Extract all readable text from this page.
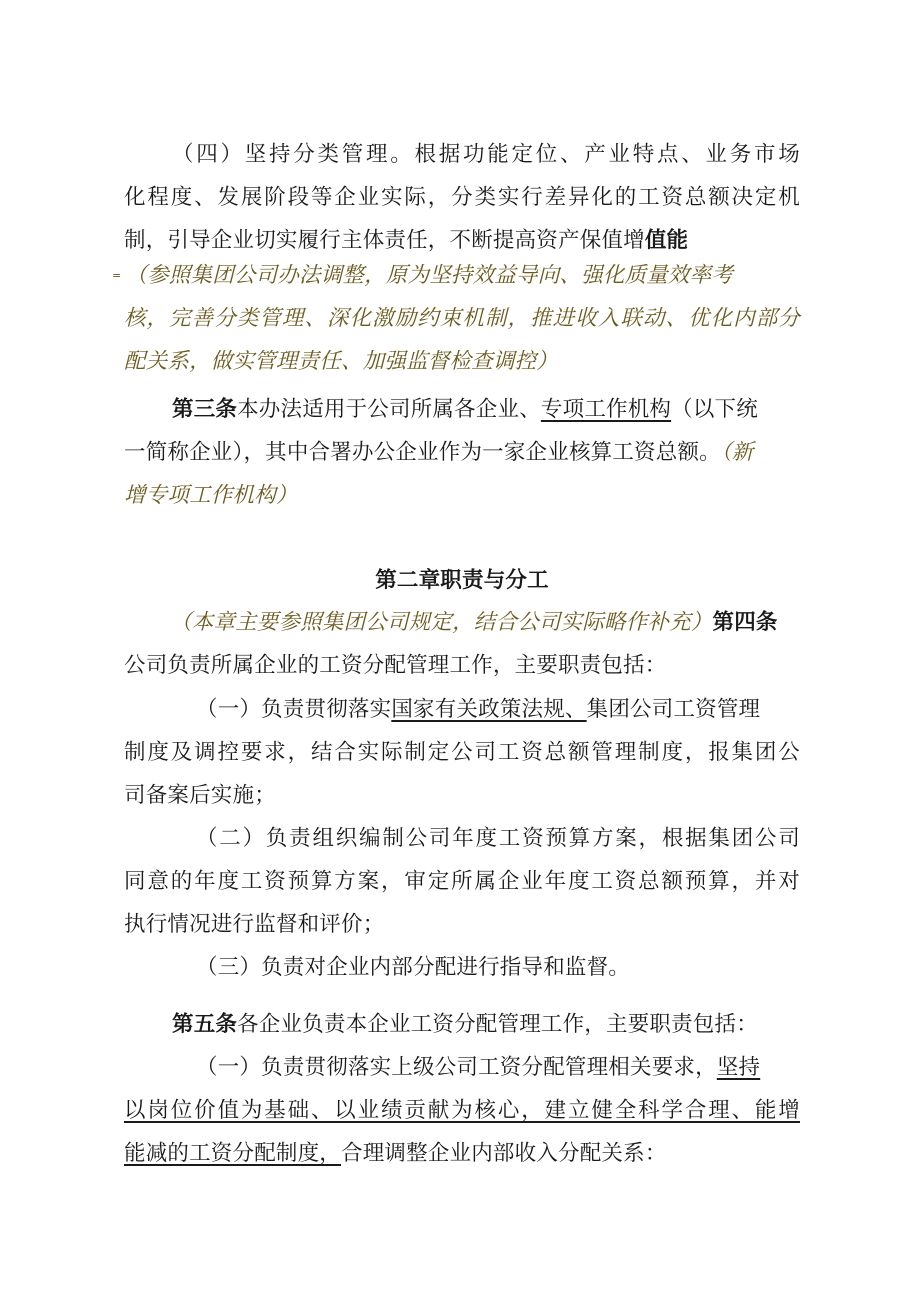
（四）坚持分类管理。根据功能定位、产业特点、业务市场
化程度、发展阶段等企业实际，分类实行差异化的工资总额决定机
制，引导企业切实履行主体责任，不断提高资产保值增值能
= （参照集团公司办法调整，原为坚持效益导向、强化质量效率考
核，完善分类管理、深化激励约束机制，推进收入联动、优化内部分
配关系，做实管理责任、加强监督检查调控）
第三条本办法适用于公司所属各企业、专项工作机构（以下统
一简称企业），其中合署办公企业作为一家企业核算工资总额。（新
增专项工作机构）
第二章职责与分工
（本章主要参照集团公司规定，结合公司实际略作补充）第四条
公司负责所属企业的工资分配管理工作，主要职责包括：
（一）负责贯彻落实国家有关政策法规、集团公司工资管理
制度及调控要求，结合实际制定公司工资总额管理制度，报集团公
司备案后实施；
（二）负责组织编制公司年度工资预算方案，根据集团公司
同意的年度工资预算方案，审定所属企业年度工资总额预算，并对
执行情况进行监督和评价；
（三）负责对企业内部分配进行指导和监督。
第五条各企业负责本企业工资分配管理工作，主要职责包括：
（一）负责贯彻落实上级公司工资分配管理相关要求，坚持
以岗位价值为基础、以业绩贡献为核心，建立健全科学合理、能增
能减的工资分配制度，合理调整企业内部收入分配关系：
